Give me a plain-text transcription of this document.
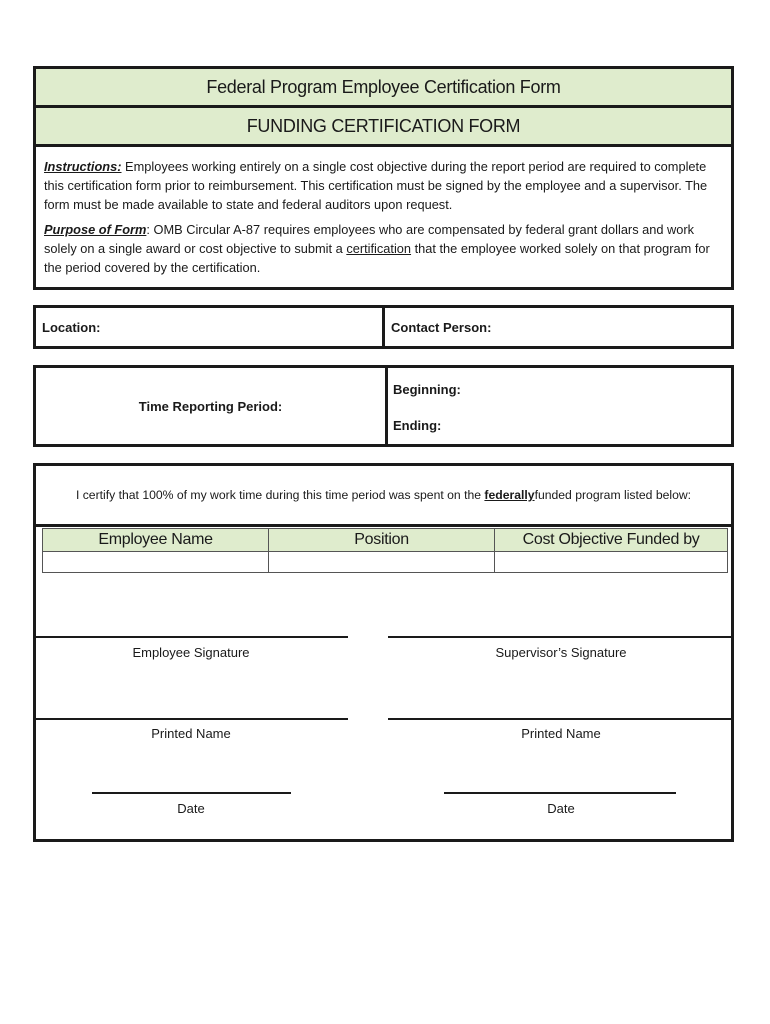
Federal Program Employee Certification Form
FUNDING CERTIFICATION FORM

Instructions: Employees working entirely on a single cost objective during the report period are required to complete this certification form prior to reimbursement. This certification must be signed by the employee and a supervisor. The form must be made available to state and federal auditors upon request.

Purpose of Form: OMB Circular A-87 requires employees who are compensated by federal grant dollars and work solely on a single award or cost objective to submit a certification that the employee worked solely on that program for the period covered by the certification.

Location:	Contact Person:
Time Reporting Period:
Beginning:
Ending:
I certify that 100% of my work time during this time period was spent on the
federally funded program listed below:
Employee Name	Position	Cost Objective Funded by

Employee Signature	Supervisor’s Signature
Printed Name	Printed Name
Date	Date
